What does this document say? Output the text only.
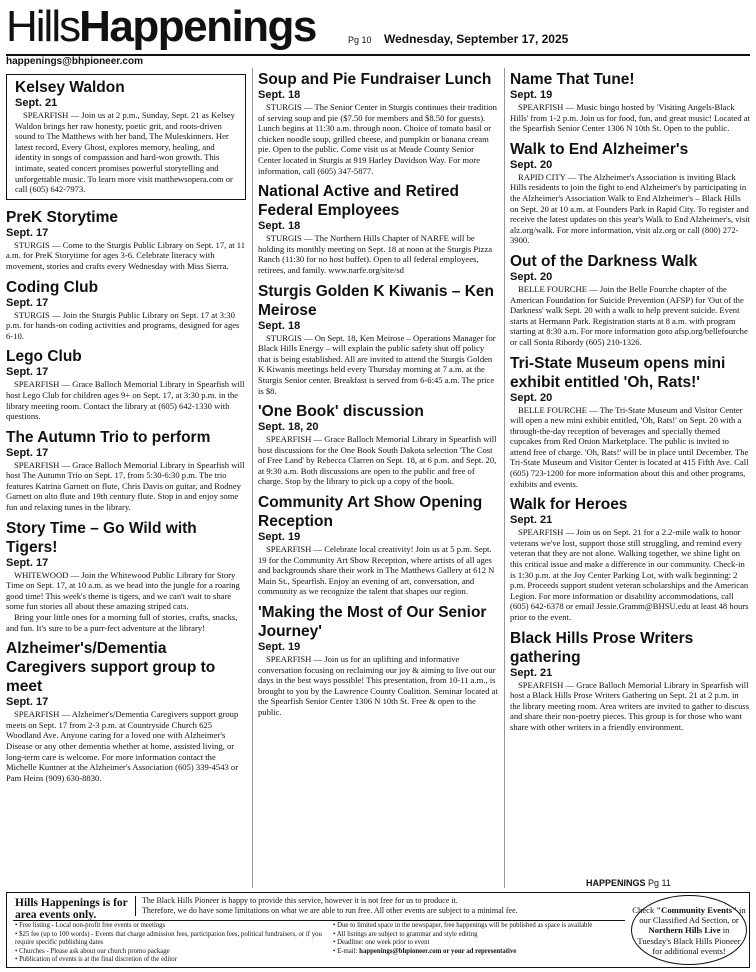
HillsHappenings	Pg 10 Wednesday, September 17, 2025
happenings@bhpioneer.com
Kelsey Waldon
Sept. 21

SPEARFISH — Join us at 2 p.m., Sunday, Sept. 21 as Kelsey Waldon brings her raw honesty, poetic grit, and roots-driven sound to The Matthews with her band, The Muleskinners. Her latest record, Every Ghost, explores memory, healing, and identity in songs of compassion and hard-won growth. This intimate, seated concert promises powerful storytelling and unforgettable music. To learn more visit matthewsopera.com or call (605) 642-7973.

PreK Storytime
Sept. 17

STURGIS — Come to the Sturgis Public Library on Sept. 17, at 11 a.m. for PreK Storytime for ages 3-6. Celebrate literacy with movement, stories and crafts every Wednesday with Miss Sierra.

Coding Club
Sept. 17

STURGIS — Join the Sturgis Public Library on Sept. 17 at 3:30 p.m. for hands-on coding activities and programs, designed for ages 6-10.

Lego Club
Sept. 17

SPEARFISH — Grace Balloch Memorial Library in Spearfish will host Lego Club for children ages 9+ on Sept. 17, at 3:30 p.m. in the library meeting room. Contact the library at (605) 642-1330 with questions.

The Autumn Trio to perform
Sept. 17

SPEARFISH — Grace Balloch Memorial Library in Spearfish will host The Autumn Trio on Sept. 17, from 5:30-6:30 p.m. The trio features Katrina Garnett on flute, Chris Davis on guitar, and Rodney Garnett on alto flute and 19th century flute. Stop in and enjoy some fun and relaxing tunes in the library.

Story Time – Go Wild with Tigers!
Sept. 17

WHITEWOOD — Join the Whitewood Public Library for Story Time on Sept. 17, at 10 a.m. as we head into the jungle for a roaring good time! This week's theme is tigers, and we can't wait to share some fun stories all about these amazing striped cats.

Bring your little ones for a morning full of stories, crafts, snacks, and fun. It's sure to be a purr-fect adventure at the library!

Alzheimer's/Dementia Caregivers support group to meet
Sept. 17

SPEARFISH — Alzheimer's/Dementia Caregivers support group meets on Sept. 17 from 2-3 p.m. at Countryside Church 625 Woodland Ave. Anyone caring for a loved one with Alzheimer's Disease or any other dementia whether at home, assisted living, or long-term care is welcome. For more information contact the Michelle Kuntner at the Alzheimer's Association (605) 339-4543 or Pam Heins (909) 630-8830.

Soup and Pie Fundraiser Lunch
Sept. 18

STURGIS — The Senior Center in Sturgis continues their tradition of serving soup and pie ($7.50 for members and $8.50 for guests). Lunch begins at 11:30 a.m. through noon. Choice of tomato basil or chicken noodle soup, grilled cheese, and pumpkin or banana cream pie. Open to the public. Come visit us at Meade County Senior Center located in Sturgis at 919 Harley Davidson Way. For more information, call (605) 347-5877.

National Active and Retired Federal Employees
Sept. 18

STURGIS — The Northern Hills Chapter of NARFE will be holding its monthly meeting on Sept. 18 at noon at the Sturgis Pizza Ranch (11:30 for no host buffet). Open to all federal employees, retirees, and family. www.narfe.org/site/sd

Sturgis Golden K Kiwanis – Ken Meirose
Sept. 18

STURGIS — On Sept. 18, Ken Meirose – Operations Manager for Black Hills Energy – will explain the public safety shut off policy that is being established. All are invited to attend the Sturgis Golden K Kiwanis meetings held every Thursday morning at 7 a.m. at the Sturgis Senior center. Breakfast is served from 6-6:45 a.m. The price is $8.

'One Book' discussion
Sept. 18, 20

SPEARFISH — Grace Balloch Memorial Library in Spearfish will host discussions for the One Book South Dakota selection 'The Cost of Free Land' by Rebecca Clarren on Sept. 18, at 6 p.m. and Sept. 20, at 9:30 a.m. Both discussions are open to the public and free of charge. Stop by the library to pick up a copy of the book.

Community Art Show Opening Reception
Sept. 19

SPEARFISH — Celebrate local creativity! Join us at 5 p.m. Sept. 19 for the Community Art Show Reception, where artists of all ages and backgrounds share their work in The Matthews Gallery at 612 N Main St., Spearfish. Enjoy an evening of art, conversation, and community as we recognize the talent that shapes our region.

'Making the Most of Our Senior Journey'
Sept. 19

SPEARFISH — Join us for an uplifting and informative conversation focusing on reclaiming our joy & aiming to live out our days in the best ways possible! This presentation, from 10-11 a.m., is brought to you by the Lawrence County Coalition. Seminar located at the Spearfish Senior Center 1306 N 10th St. Free & open to the public.

Name That Tune!
Sept. 19

SPEARFISH — Music bingo hosted by 'Visiting Angels-Black Hills' from 1-2 p.m. Join us for food, fun, and great music! Located at the Spearfish Senior Center 1306 N 10th St. Open to the public.

Walk to End Alzheimer's
Sept. 20

RAPID CITY — The Alzheimer's Association is inviting Black Hills residents to join the fight to end Alzheimer's by participating in the Alzheimer's Association Walk to End Alzheimer's – Black Hills on Sept. 20 at 10 a.m. at Founders Park in Rapid City. To register and receive the latest updates on this year's Walk to End Alzheimer's, visit alz.org/walk. For more information, visit alz.org or call (800) 272-3900.

Out of the Darkness Walk
Sept. 20

BELLE FOURCHE — Join the Belle Fourche chapter of the American Foundation for Suicide Prevention (AFSP) for 'Out of the Darkness' walk Sept. 20 with a walk to help prevent suicide. Event starts at Hermann Park. Registration starts at 8 a.m. with program starting at 8:30 a.m. For more information goto afsp.org/bellefourche or call Sonia Ribordy (605) 210-1326.

Tri-State Museum opens mini exhibit entitled 'Oh, Rats!'
Sept. 20

BELLE FOURCHE — The Tri-State Museum and Visitor Center will open a new mini exhibit entitled, 'Oh, Rats!' on Sept. 20 with a through-the-day reception of beverages and specially themed cupcakes from Red Onion Marketplace. The public is invited to attend free of charge. 'Oh, Rats!' will be in place until December. The Tri-State Museum and Visitor Center is located at 415 Fifth Ave. Call (605) 723-1200 for more information about this and other programs, exhibits and events.

Walk for Heroes
Sept. 21

SPEARFISH — Join us on Sept. 21 for a 2.2-mile walk to honor veterans we've lost, support those still struggling, and remind every veteran that they are not alone. Walking together, we shine light on this critical issue and make a difference in our community. Check-in is 1:30 p.m. at the Joy Center Parking Lot, with walk beginning: 2 p.m. Proceeds support student veteran scholarships and the American Legion. For more information or disability accommodations, call (605) 642-6378 or email Jessie.Gramm@BHSU.edu at least 48 hours prior to the event.

Black Hills Prose Writers gathering
Sept. 21

SPEARFISH — Grace Balloch Memorial Library in Spearfish will host a Black Hills Prose Writers Gathering on Sept. 21 at 2 p.m. in the library meeting room. Area writers are invited to gather to discuss and share their non-poetry pieces. This group is for those who want share with other writers in a friendly environment.

HAPPENINGS Pg 11
Hills Happenings is for area events only.
The Black Hills Pioneer is happy to provide this service, however it is not free for us to produce it.
Therefore, we do have some limitations on what we are able to run free. All other events are subject to a minimal fee.
• Free listing - Local non-profit free events or meetings
• $25 fee (up to 100 words) - Events that charge admission fees, participation fees, political fundraisers, or if you require specific publishing dates
• Churches - Please ask about our church promo package
• Publication of events is at the final discretion of the editor
• Due to limited space in the newspaper, free happenings will be published as space is available
• All listings are subject to grammar and style editing
• Deadline: one week prior to event
• E-mail: happenings@bhpioneer.com or your ad representative
Check "Community Events" in our Classified Ad Section, or Northern Hills Live in Tuesday's Black Hills Pioneer for additional events!
